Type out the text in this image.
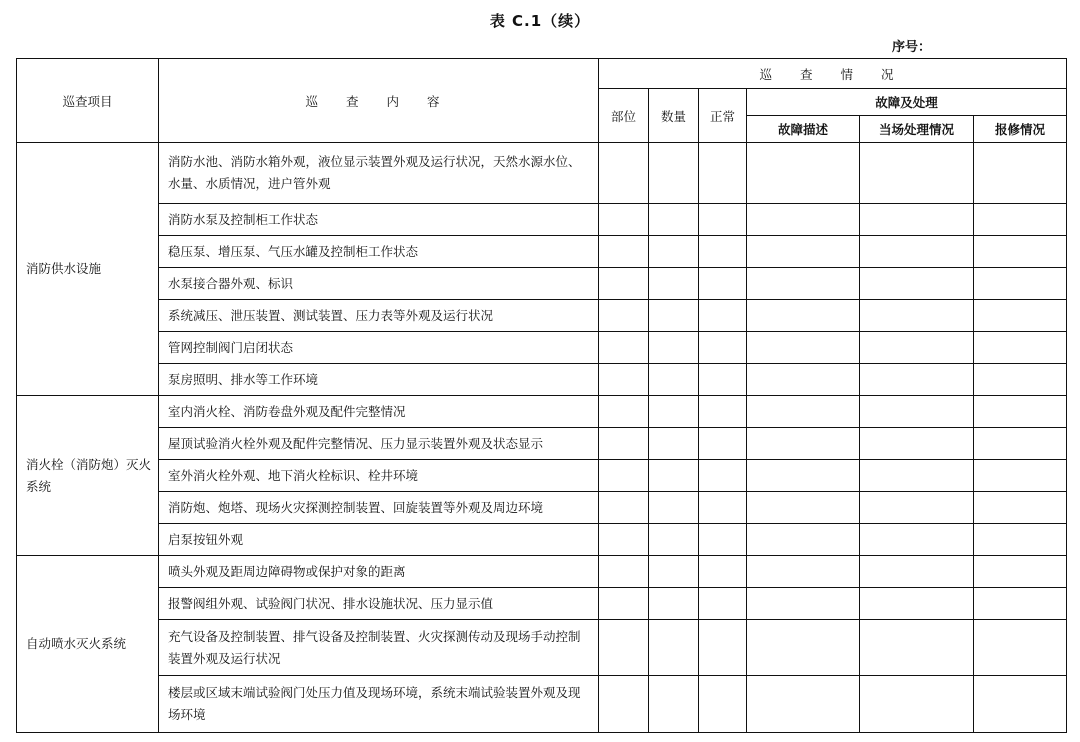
表 C.1（续）
序号：
巡查项目	巡 查 内 容	巡 查 情 况					
		部位	数量	正常	故障及处理		
					故障描述	当场处理情况	报修情况
消防供水设施	消防水池、消防水箱外观，液位显示装置外观及运行状况，天然水源水位、水量、水质情况，进户管外观						
	消防水泵及控制柜工作状态						
	稳压泵、增压泵、气压水罐及控制柜工作状态						
	水泵接合器外观、标识						
	系统减压、泄压装置、测试装置、压力表等外观及运行状况						
	管网控制阀门启闭状态						
	泵房照明、排水等工作环境						
消火栓（消防炮）灭火系统	室内消火栓、消防卷盘外观及配件完整情况						
	屋顶试验消火栓外观及配件完整情况、压力显示装置外观及状态显示						
	室外消火栓外观、地下消火栓标识、栓井环境						
	消防炮、炮塔、现场火灾探测控制装置、回旋装置等外观及周边环境						
	启泵按钮外观						
自动喷水灭火系统	喷头外观及距周边障碍物或保护对象的距离						
	报警阀组外观、试验阀门状况、排水设施状况、压力显示值						
	充气设备及控制装置、排气设备及控制装置、火灾探测传动及现场手动控制装置外观及运行状况						
	楼层或区域末端试验阀门处压力值及现场环境，系统末端试验装置外观及现场环境						
